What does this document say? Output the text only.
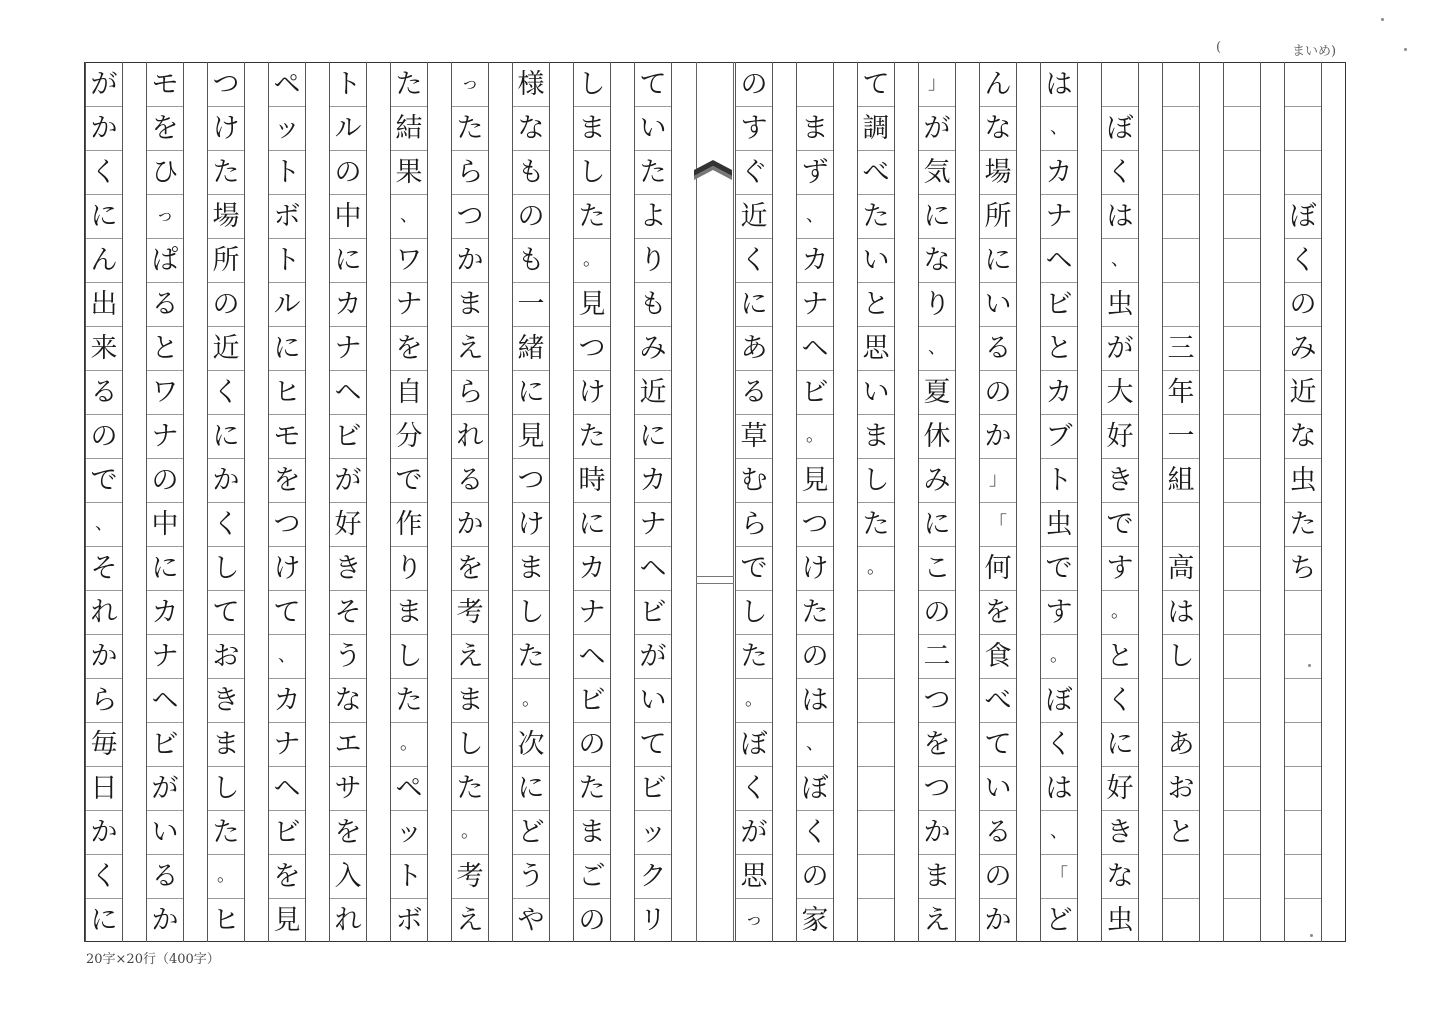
(	まいめ)
ぼ
く
の
み
近
な
虫
た
ち
三
年
一
組
高
は
し
あ
お
と
ぼ
く
は
、
虫
が
大
好
き
で
す
。
と
く
に
好
き
な
虫
は
、
カ
ナ
ヘ
ビ
と
カ
ブ
ト
虫
で
す
。
ぼ
く
は
、
「
ど
ん
な
場
所
に
い
る
の
か
」
「
何
を
食
べ
て
い
る
の
か
」
が
気
に
な
り
、
夏
休
み
に
こ
の
二
つ
を
つ
か
ま
え
て
調
べ
た
い
と
思
い
ま
し
た
。
ま
ず
、
カ
ナ
ヘ
ビ
。
見
つ
け
た
の
は
、
ぼ
く
の
家
の
す
ぐ
近
く
に
あ
る
草
む
ら
で
し
た
。
ぼ
く
が
思
っ
て
い
た
よ
り
も
み
近
に
カ
ナ
ヘ
ビ
が
い
て
ビ
ッ
ク
リ
し
ま
し
た
。
見
つ
け
た
時
に
カ
ナ
ヘ
ビ
の
た
ま
ご
の
様
な
も
の
も
一
緒
に
見
つ
け
ま
し
た
。
次
に
ど
う
や
っ
た
ら
つ
か
ま
え
ら
れ
る
か
を
考
え
ま
し
た
。
考
え
た
結
果
、
ワ
ナ
を
自
分
で
作
り
ま
し
た
。
ペ
ッ
ト
ボ
ト
ル
の
中
に
カ
ナ
ヘ
ビ
が
好
き
そ
う
な
エ
サ
を
入
れ
ペ
ッ
ト
ボ
ト
ル
に
ヒ
モ
を
つ
け
て
、
カ
ナ
ヘ
ビ
を
見
つ
け
た
場
所
の
近
く
に
か
く
し
て
お
き
ま
し
た
。
ヒ
モ
を
ひ
っ
ぱ
る
と
ワ
ナ
の
中
に
カ
ナ
ヘ
ビ
が
い
る
か
が
か
く
に
ん
出
来
る
の
で
、
そ
れ
か
ら
毎
日
か
く
に
20字×20行（400字）
